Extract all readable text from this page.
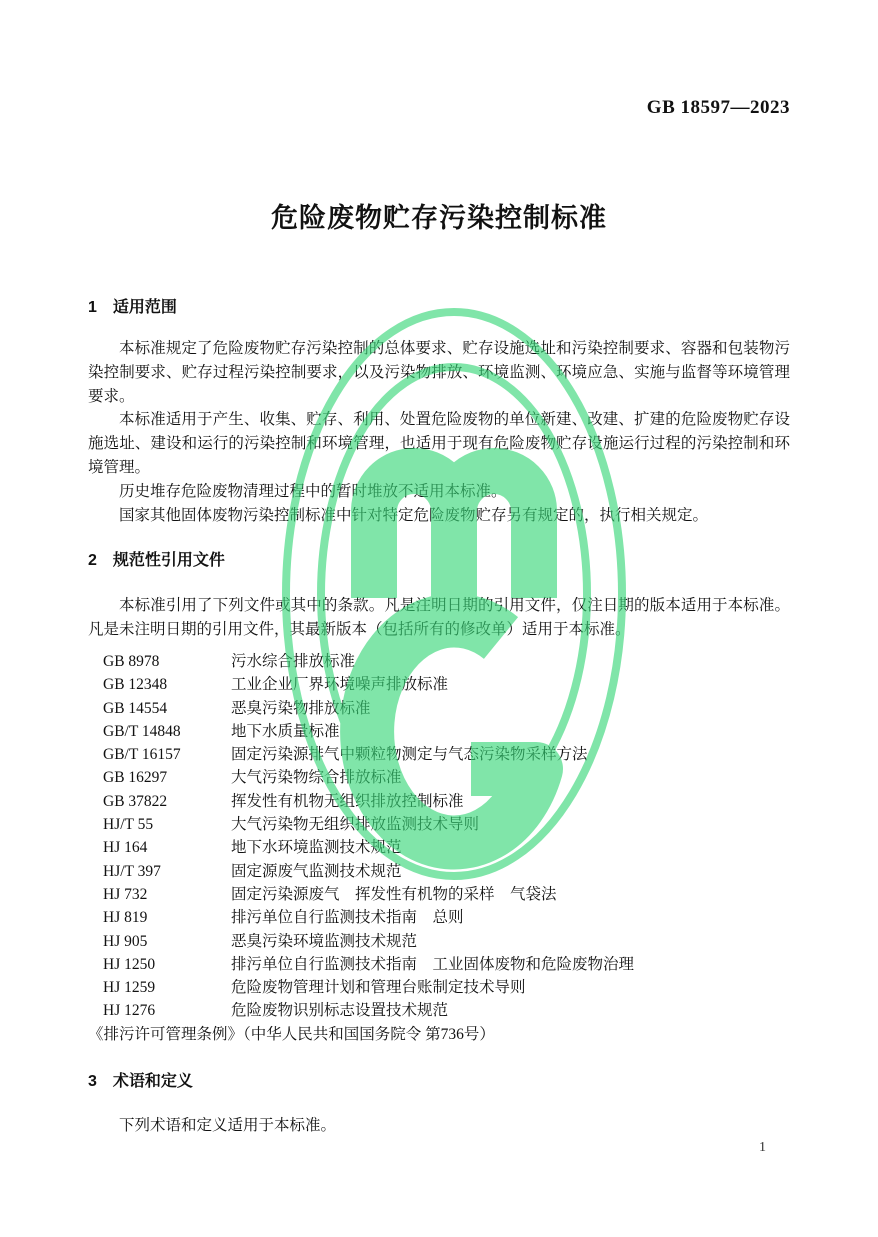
GB 18597—2023
危险废物贮存污染控制标准
1 适用范围

本标准规定了危险废物贮存污染控制的总体要求、贮存设施选址和污染控制要求、容器和包装物污染控制要求、贮存过程污染控制要求，以及污染物排放、环境监测、环境应急、实施与监督等环境管理要求。

本标准适用于产生、收集、贮存、利用、处置危险废物的单位新建、改建、扩建的危险废物贮存设施选址、建设和运行的污染控制和环境管理，也适用于现有危险废物贮存设施运行过程的污染控制和环境管理。

历史堆存危险废物清理过程中的暂时堆放不适用本标准。

国家其他固体废物污染控制标准中针对特定危险废物贮存另有规定的，执行相关规定。

2 规范性引用文件

本标准引用了下列文件或其中的条款。凡是注明日期的引用文件，仅注日期的版本适用于本标准。凡是未注明日期的引用文件，其最新版本（包括所有的修改单）适用于本标准。

GB 8978	污水综合排放标准
GB 12348	工业企业厂界环境噪声排放标准
GB 14554	恶臭污染物排放标准
GB/T 14848	地下水质量标准
GB/T 16157	固定污染源排气中颗粒物测定与气态污染物采样方法
GB 16297	大气污染物综合排放标准
GB 37822	挥发性有机物无组织排放控制标准
HJ/T 55	大气污染物无组织排放监测技术导则
HJ 164	地下水环境监测技术规范
HJ/T 397	固定源废气监测技术规范
HJ 732	固定污染源废气　挥发性有机物的采样　气袋法
HJ 819	排污单位自行监测技术指南　总则
HJ 905	恶臭污染环境监测技术规范
HJ 1250	排污单位自行监测技术指南　工业固体废物和危险废物治理
HJ 1259	危险废物管理计划和管理台账制定技术导则
HJ 1276	危险废物识别标志设置技术规范
《排污许可管理条例》（中华人民共和国国务院令 第736号）
3 术语和定义

下列术语和定义适用于本标准。

1
